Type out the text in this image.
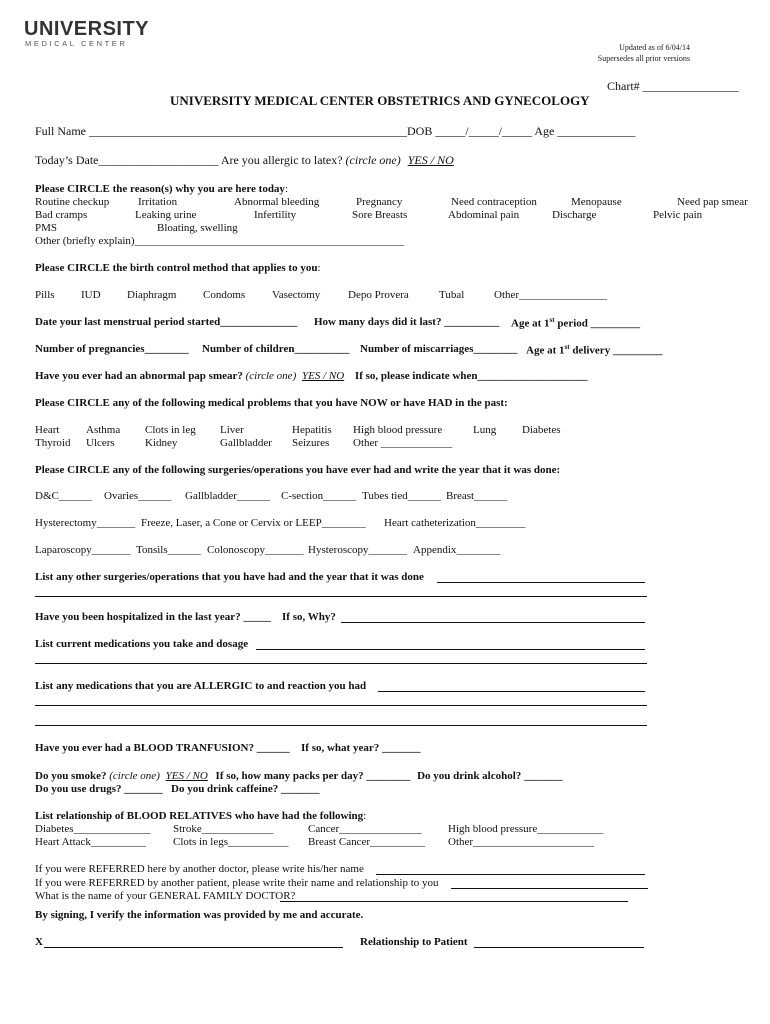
UNIVERSITY
MEDICAL CENTER	Updated as of 6/04/14
Supersedes all prior versions
Chart# ________________
UNIVERSITY MEDICAL CENTER OBSTETRICS AND GYNECOLOGY
Full Name _____________________________________________________DOB _____/_____/_____ Age _____________
Today’s Date____________________ Are you allergic to latex? (circle one) YES / NO
Please CIRCLE the reason(s) why you are here today:
Routine checkup	Irritation	Abnormal bleeding	Pregnancy	Need contraception	Menopause	Need pap smear
Bad cramps	Leaking urine	Infertility	Sore Breasts	Abdominal pain	Discharge	Pelvic pain
PMS	Bloating, swelling
Other (briefly explain)_________________________________________________
Please CIRCLE the birth control method that applies to you:
Pills IUD Diaphragm Condoms Vasectomy	Depo Provera	Tubal	Other________________
Date your last menstrual period started______________ How many days did it last? __________ Age at 1st period _________
Number of pregnancies________ Number of children__________ Number of miscarriages________ Age at 1st delivery _________
Have you ever had an abnormal pap smear? (circle one) YES / NO If so, please indicate when____________________
Please CIRCLE any of the following medical problems that you have NOW or have HAD in the past:
Heart Asthma Clots in leg Liver	Hepatitis High blood pressure	Lung Diabetes
Thyroid Ulcers	Kidney	Gallbladder Seizures Other _____________
Please CIRCLE any of the following surgeries/operations you have ever had and write the year that it was done:
D&C______ Ovaries______ Gallbladder______ C-section______ Tubes tied______ Breast______
Hysterectomy_______ Freeze, Laser, a Cone or Cervix or LEEP________ Heart catheterization_________
Laparoscopy_______ Tonsils______ Colonoscopy_______ Hysteroscopy_______ Appendix________
List any other surgeries/operations that you have had and the year that it was done
Have you been hospitalized in the last year? _____ If so, Why?
List current medications you take and dosage
List any medications that you are ALLERGIC to and reaction you had
Have you ever had a BLOOD TRANFUSION? ______ If so, what year? _______
Do you smoke? (circle one) YES / NO If so, how many packs per day? ________ Do you drink alcohol? _______
Do you use drugs? _______ Do you drink caffeine? _______
List relationship of BLOOD RELATIVES who have had the following:
Diabetes______________ Stroke_____________	Cancer_______________ High blood pressure____________
Heart Attack__________ Clots in legs___________ Breast Cancer__________ Other______________________
If you were REFERRED here by another doctor, please write his/her name
If you were REFERRED by another patient, please write their name and relationship to you
What is the name of your GENERAL FAMILY DOCTOR?
By signing, I verify the information was provided by me and accurate.
X	Relationship to Patient
